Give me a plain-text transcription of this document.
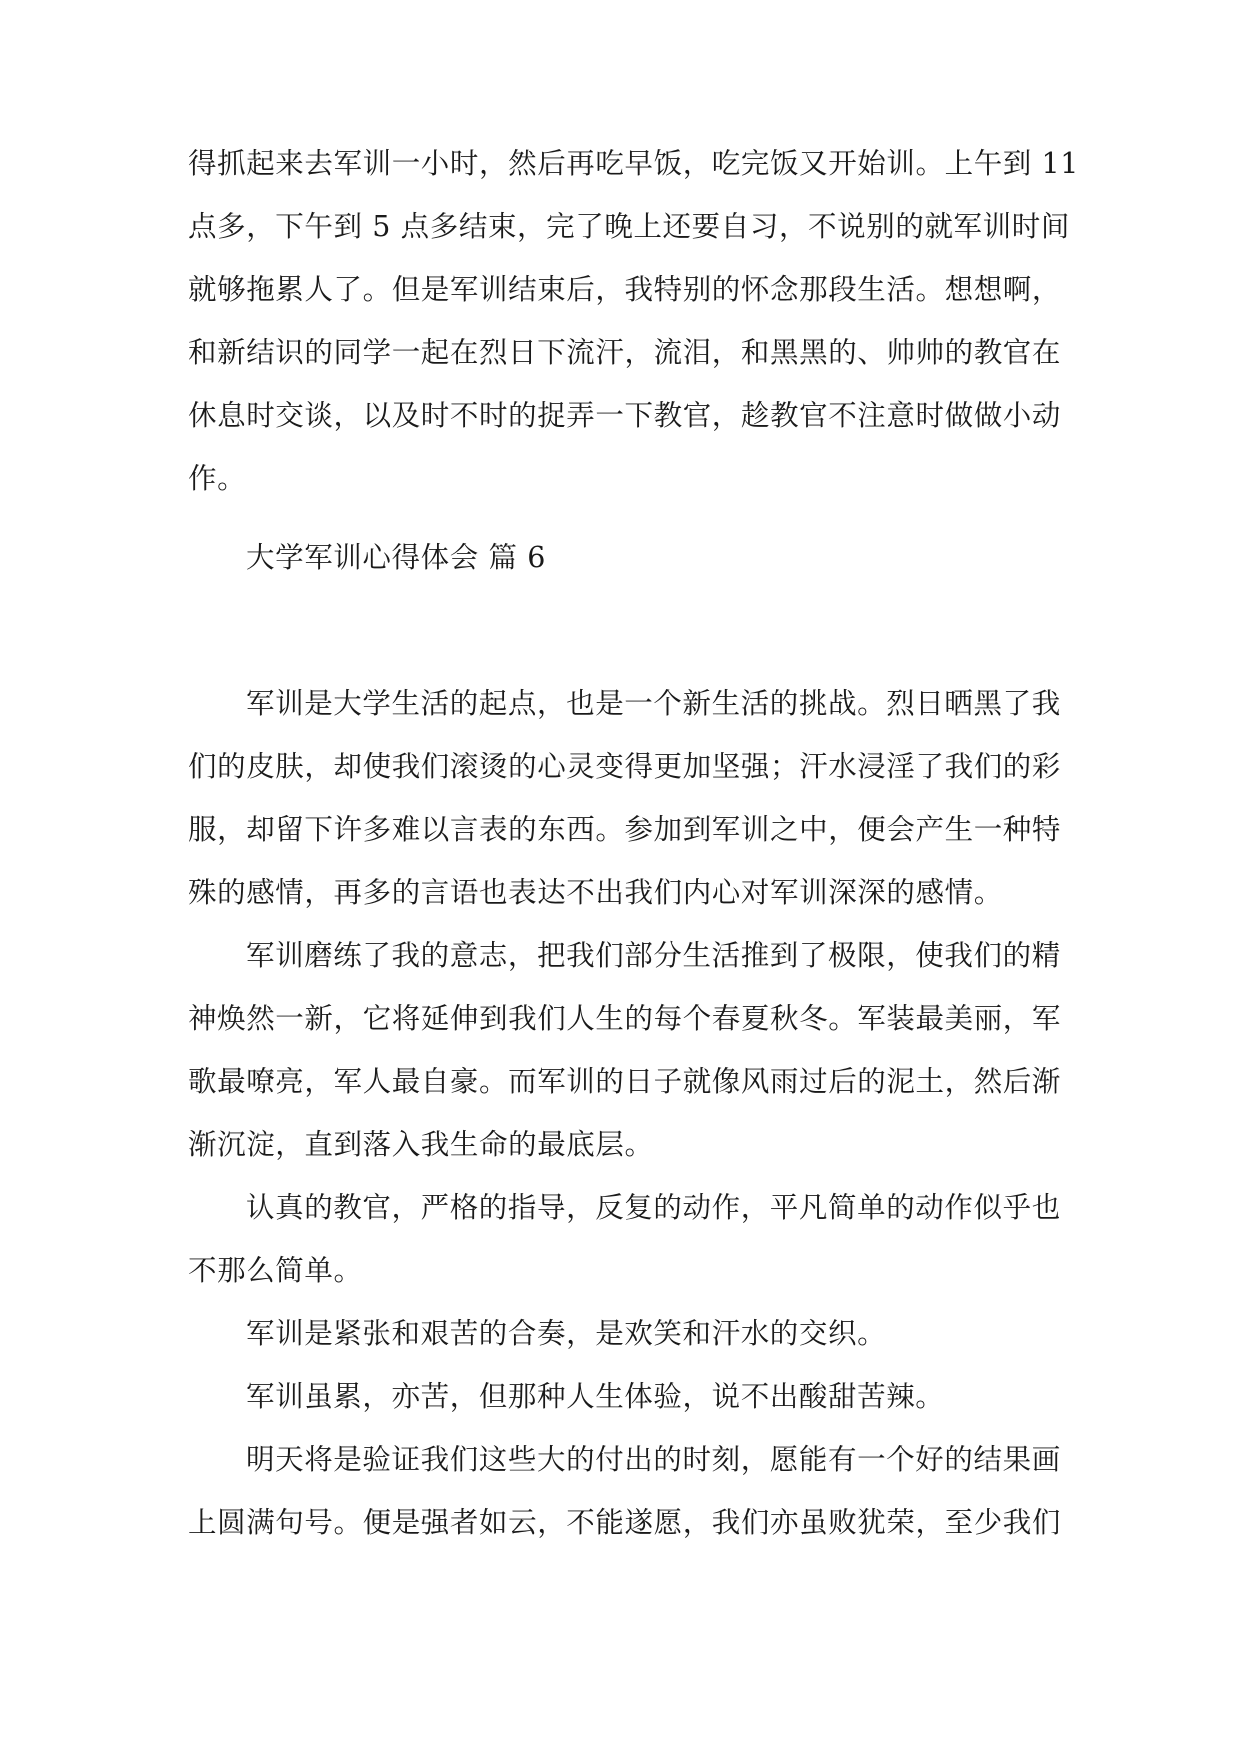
得抓起来去军训一小时，然后再吃早饭，吃完饭又开始训。上午到 11
点多，下午到 5 点多结束，完了晚上还要自习，不说别的就军训时间
就够拖累人了。但是军训结束后，我特别的怀念那段生活。想想啊，
和新结识的同学一起在烈日下流汗，流泪，和黑黑的、帅帅的教官在
休息时交谈，以及时不时的捉弄一下教官，趁教官不注意时做做小动
作。
大学军训心得体会 篇 6
军训是大学生活的起点，也是一个新生活的挑战。烈日晒黑了我
们的皮肤，却使我们滚烫的心灵变得更加坚强；汗水浸淫了我们的彩
服，却留下许多难以言表的东西。参加到军训之中，便会产生一种特
殊的感情，再多的言语也表达不出我们内心对军训深深的感情。
军训磨练了我的意志，把我们部分生活推到了极限，使我们的精
神焕然一新，它将延伸到我们人生的每个春夏秋冬。军装最美丽，军
歌最嘹亮，军人最自豪。而军训的日子就像风雨过后的泥土，然后渐
渐沉淀，直到落入我生命的最底层。
认真的教官，严格的指导，反复的动作，平凡简单的动作似乎也
不那么简单。
军训是紧张和艰苦的合奏，是欢笑和汗水的交织。
军训虽累，亦苦，但那种人生体验，说不出酸甜苦辣。
明天将是验证我们这些大的付出的时刻，愿能有一个好的结果画
上圆满句号。便是强者如云，不能遂愿，我们亦虽败犹荣，至少我们
